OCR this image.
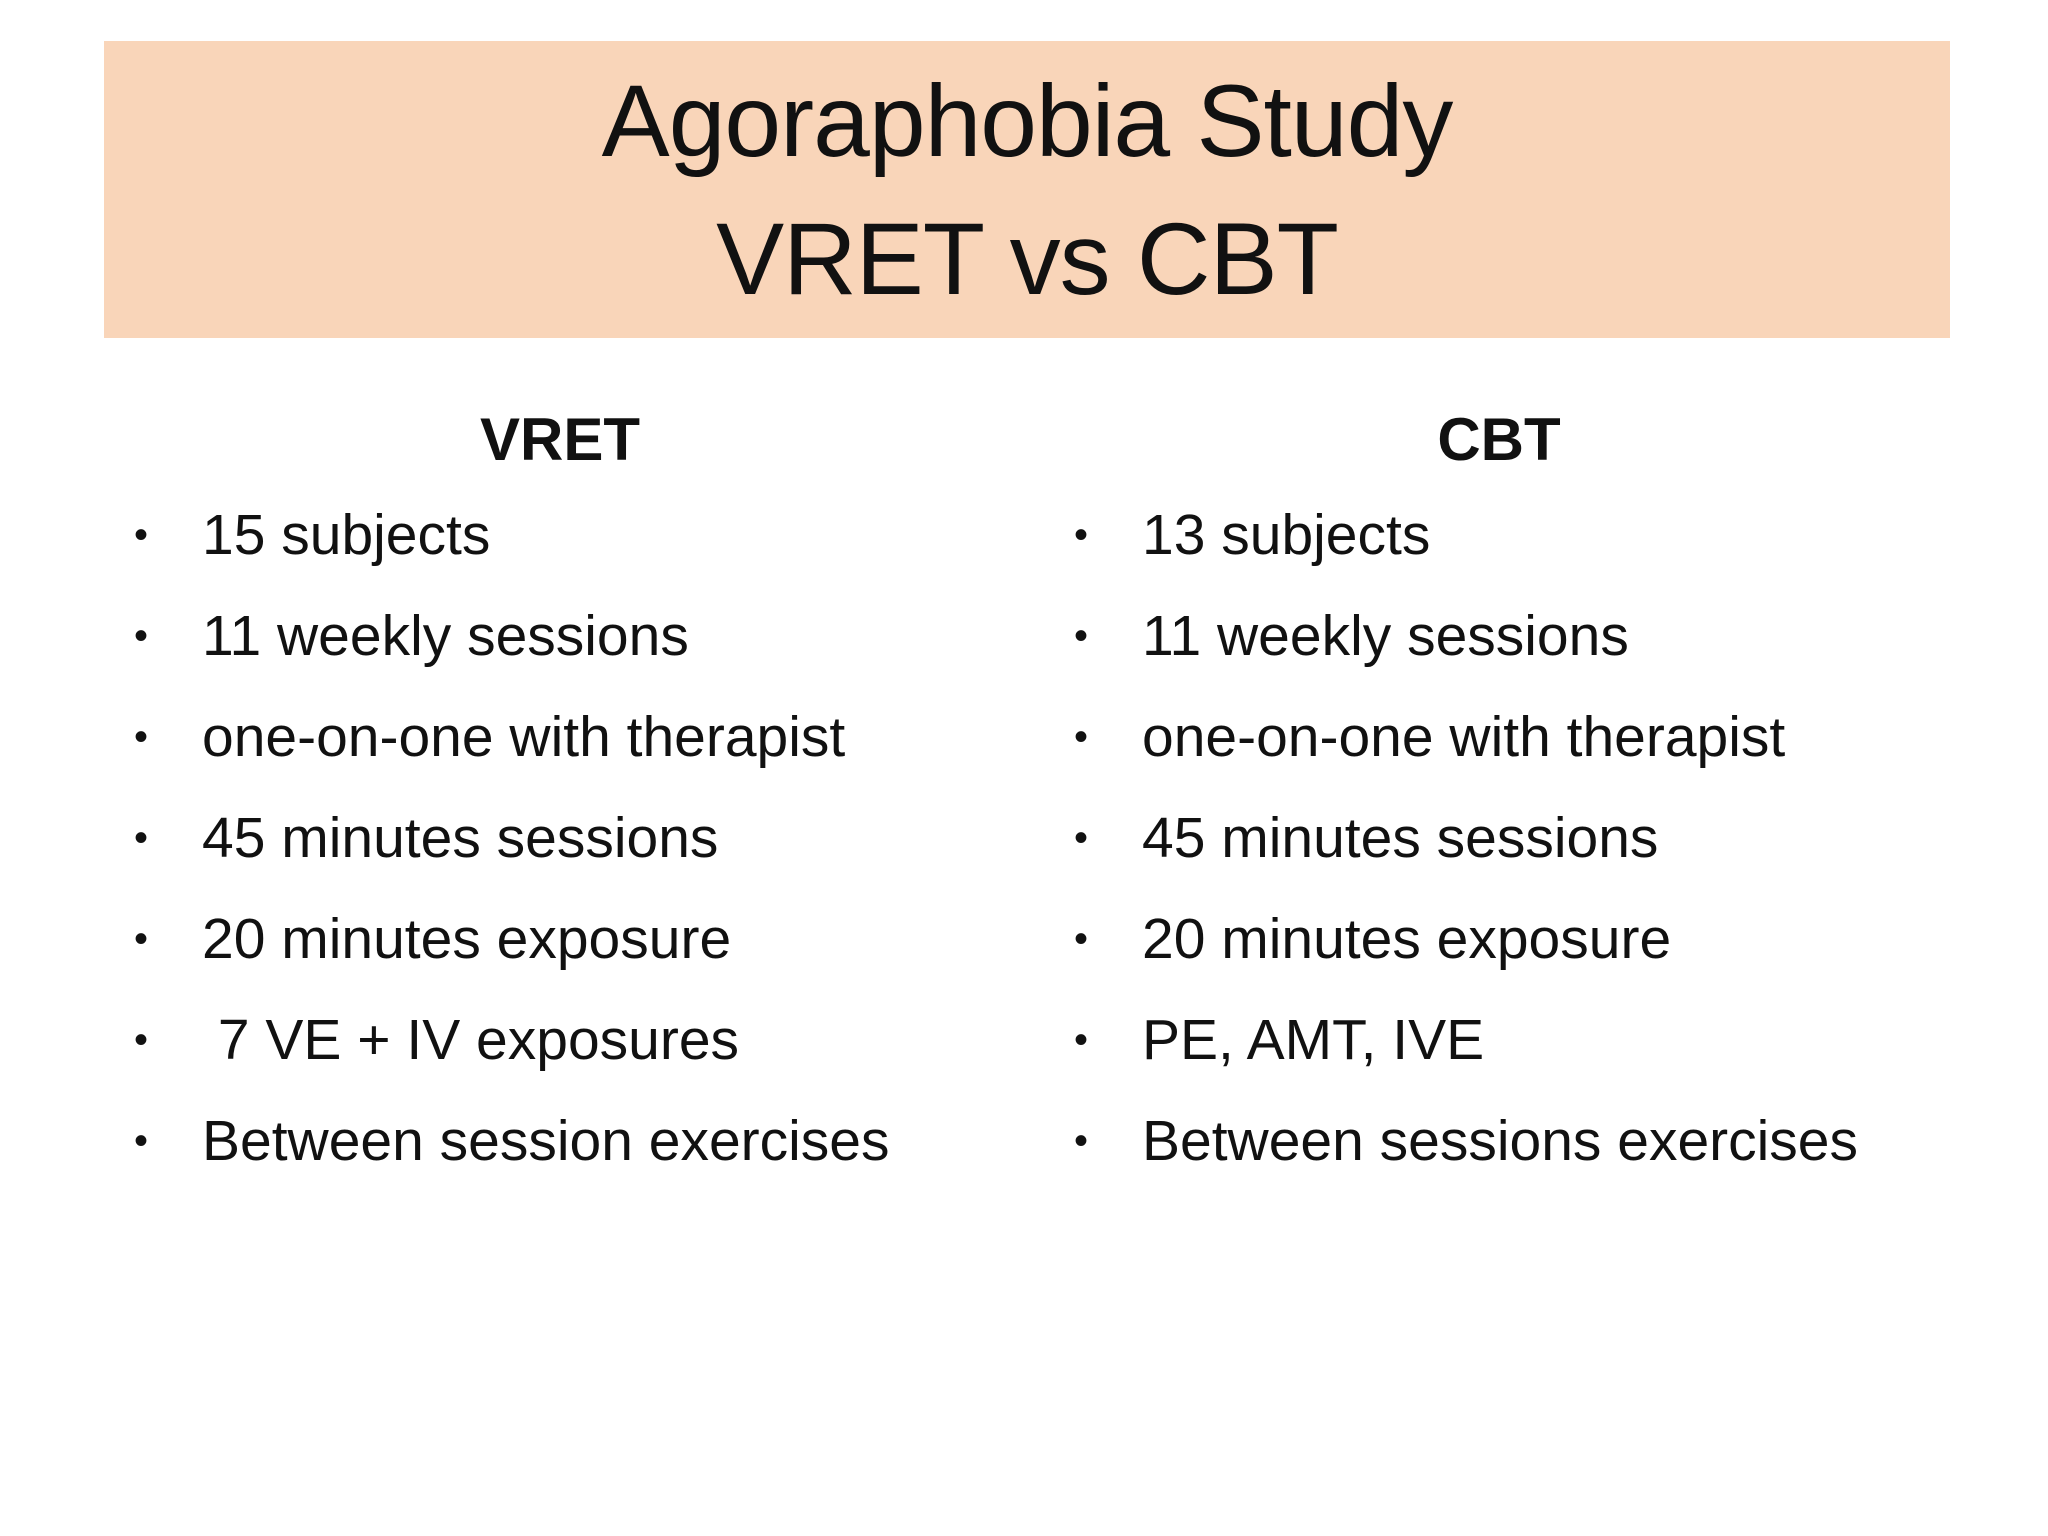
Agoraphobia Study
VRET vs CBT
VRET
• 15 subjects
• 11 weekly sessions
• one-on-one with therapist
• 45 minutes sessions
• 20 minutes exposure
• 7 VE + IV exposures
• Between session exercises
CBT
• 13 subjects
• 11 weekly sessions
• one-on-one with therapist
• 45 minutes sessions
• 20 minutes exposure
• PE, AMT, IVE
• Between sessions exercises
